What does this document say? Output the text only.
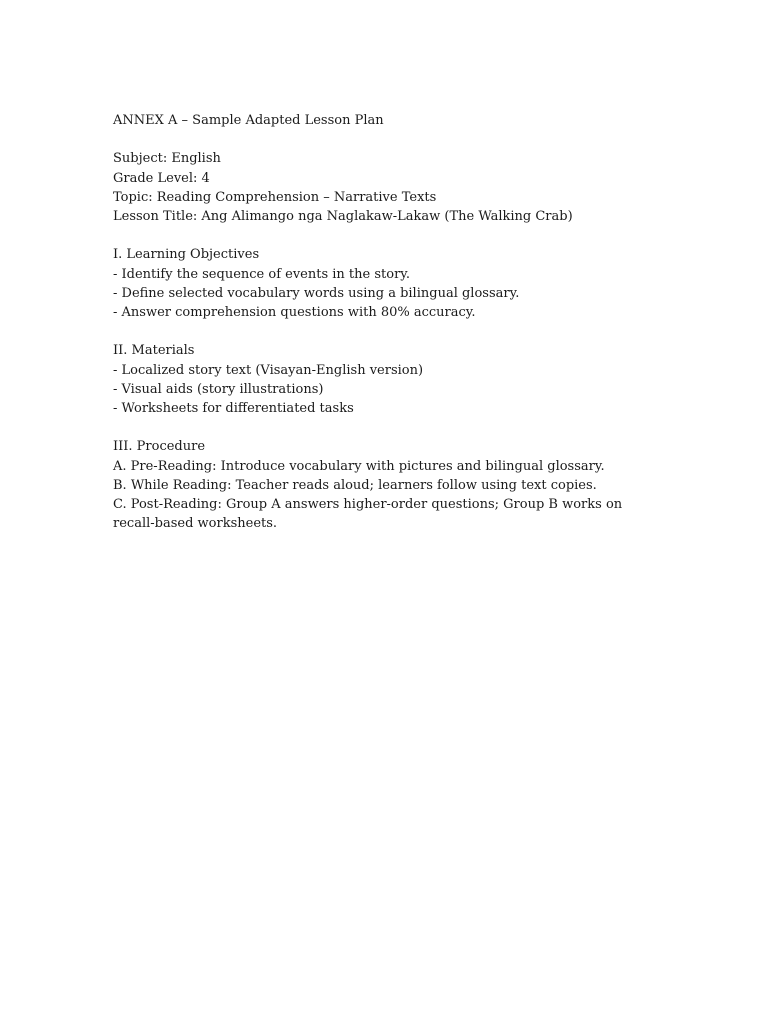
ANNEX A – Sample Adapted Lesson Plan
Subject: English
Grade Level: 4
Topic: Reading Comprehension – Narrative Texts
Lesson Title: Ang Alimango nga Naglakaw-Lakaw (The Walking Crab)
I. Learning Objectives
- Identify the sequence of events in the story.
- Define selected vocabulary words using a bilingual glossary.
- Answer comprehension questions with 80% accuracy.
II. Materials
- Localized story text (Visayan-English version)
- Visual aids (story illustrations)
- Worksheets for differentiated tasks
III. Procedure
A. Pre-Reading: Introduce vocabulary with pictures and bilingual glossary.
B. While Reading: Teacher reads aloud; learners follow using text copies.
C. Post-Reading: Group A answers higher-order questions; Group B works on recall-based worksheets.
